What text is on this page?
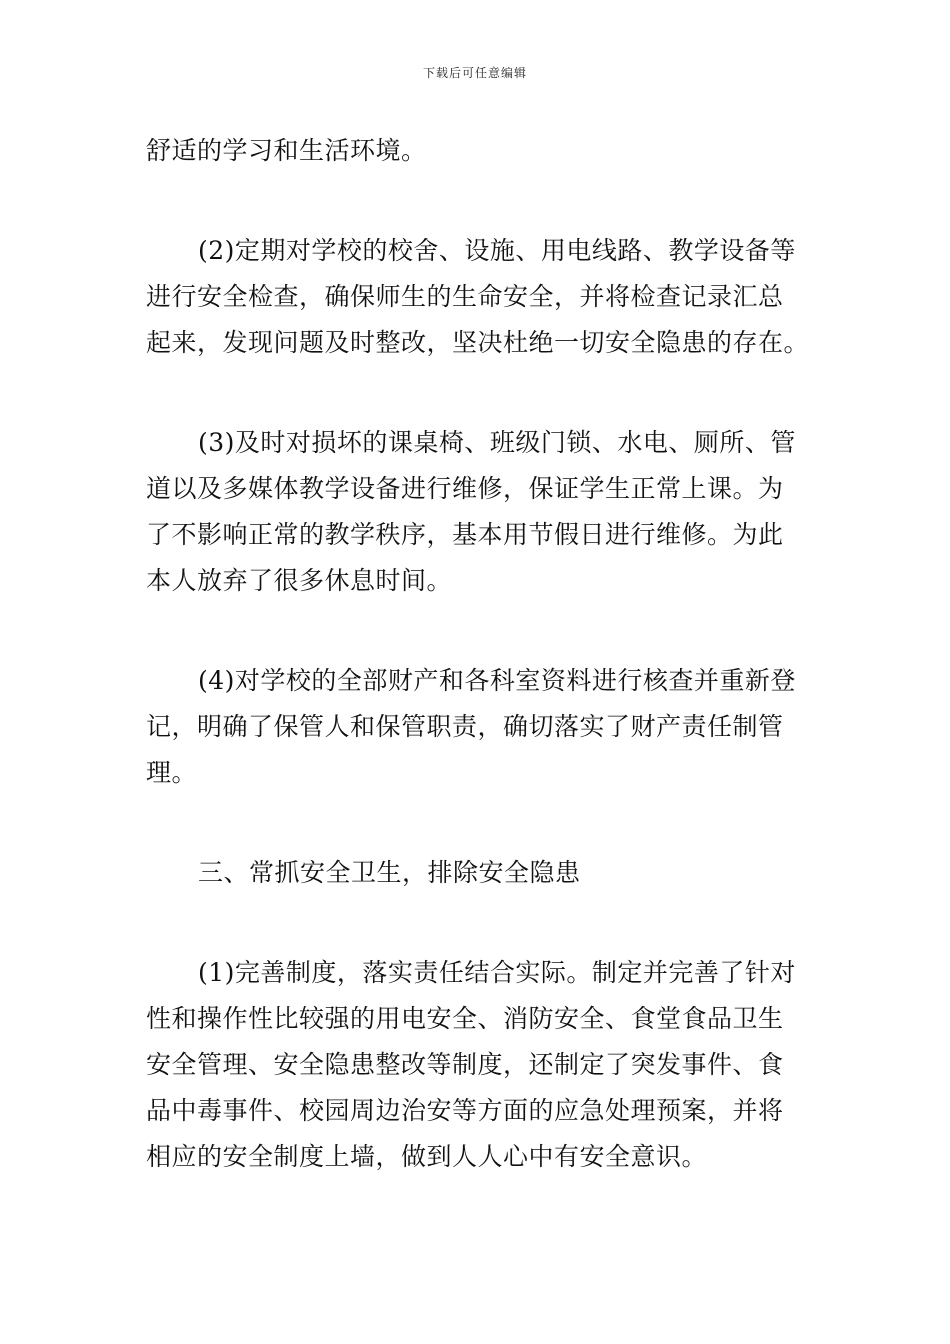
下载后可任意编辑
舒适的学习和生活环境。
(2)定期对学校的校舍、设施、用电线路、教学设备等
进行安全检查，确保师生的生命安全，并将检查记录汇总
起来，发现问题及时整改，坚决杜绝一切安全隐患的存在。
(3)及时对损坏的课桌椅、班级门锁、水电、厕所、管
道以及多媒体教学设备进行维修，保证学生正常上课。为
了不影响正常的教学秩序，基本用节假日进行维修。为此
本人放弃了很多休息时间。
(4)对学校的全部财产和各科室资料进行核查并重新登
记，明确了保管人和保管职责，确切落实了财产责任制管
理。
三、常抓安全卫生，排除安全隐患
(1)完善制度，落实责任结合实际。制定并完善了针对
性和操作性比较强的用电安全、消防安全、食堂食品卫生
安全管理、安全隐患整改等制度，还制定了突发事件、食
品中毒事件、校园周边治安等方面的应急处理预案，并将
相应的安全制度上墙，做到人人心中有安全意识。
